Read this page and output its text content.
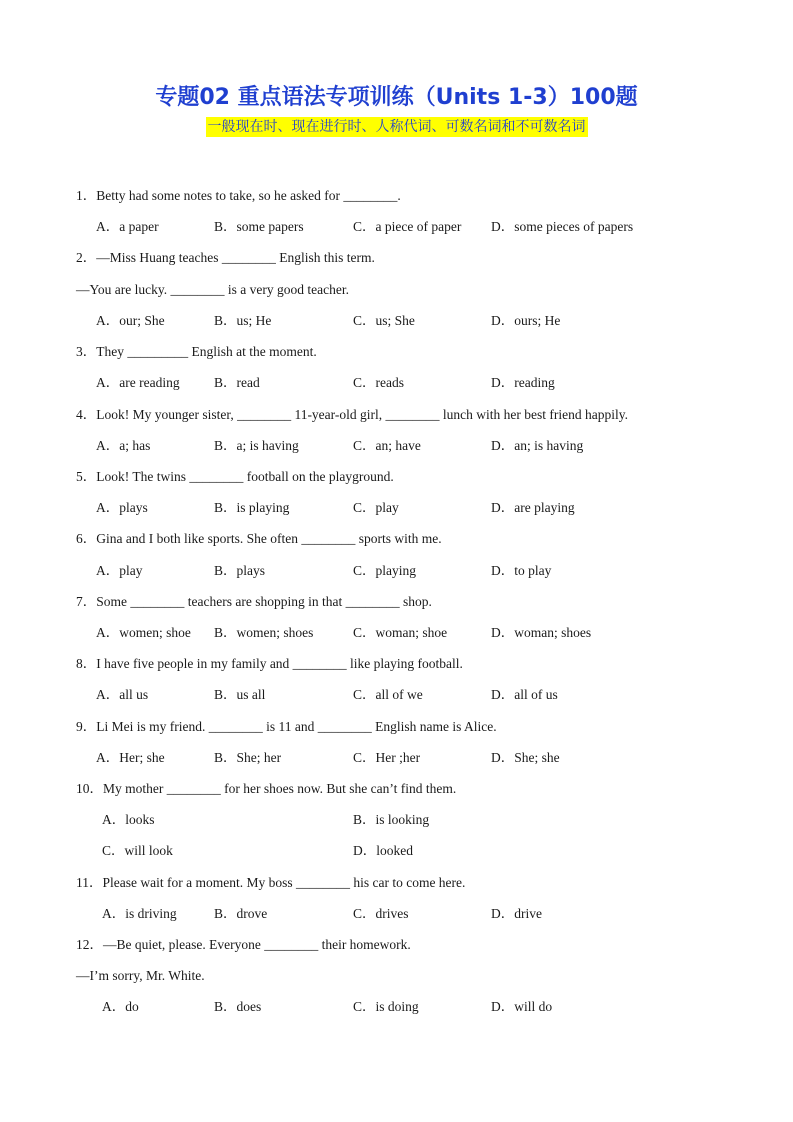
专题02 重点语法专项训练（Units 1-3）100题
一般现在时、现在进行时、人称代词、可数名词和不可数名词
1．Betty had some notes to take, so he asked for ________.
A．a paper	B．some papers	C．a piece of paper D．some pieces of papers
2．—Miss Huang teaches ________ English this term.
—You are lucky. ________ is a very good teacher.
A．our; She	B．us; He	C．us; She	D．ours; He
3．They _________ English at the moment.
A．are reading	B．read	C．reads	D．reading
4．Look! My younger sister, ________ 11-year-old girl, ________ lunch with her best friend happily.
A．a; has	B．a; is having	C．an; have	D．an; is having
5．Look! The twins ________ football on the playground.
A．plays	B．is playing	C．play	D．are playing
6．Gina and I both like sports. She often ________ sports with me.
A．play	B．plays	C．playing	D．to play
7．Some ________ teachers are shopping in that ________ shop.
A．women; shoe B．women; shoes	C．woman; shoe	D．woman; shoes
8．I have five people in my family and ________ like playing football.
A．all us	B．us all	C．all of we	D．all of us
9．Li Mei is my friend. ________ is 11 and ________ English name is Alice.
A．Her; she	B．She; her	C．Her ;her	D．She; she
10．My mother ________ for her shoes now. But she can’t find them.
A．looks	B．is looking
C．will look	D．looked
11．Please wait for a moment. My boss ________ his car to come here.
A．is driving	B．drove	C．drives	D．drive
12．—Be quiet, please. Everyone ________ their homework.
—I’m sorry, Mr. White.
A．do	B．does	C．is doing	D．will do
